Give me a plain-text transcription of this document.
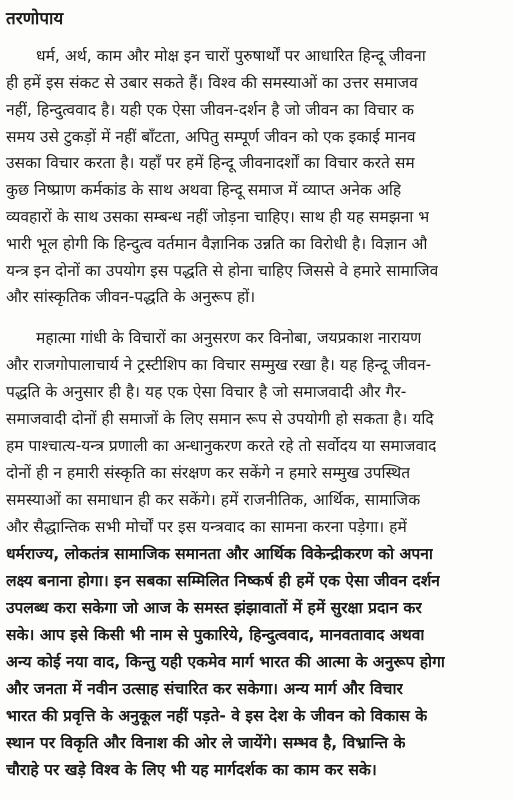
तरणोपाय
धर्म, अर्थ, काम और मोक्ष इन चारों पुरुषार्थों पर आधारित हिन्दू जीवना
ही हमें इस संकट से उबार सकते हैं। विश्व की समस्याओं का उत्तर समाजव
नहीं, हिन्दुत्ववाद है। यही एक ऐसा जीवन-दर्शन है जो जीवन का विचार क
समय उसे टुकड़ों में नहीं बाँटता, अपितु सम्पूर्ण जीवन को एक इकाई मानव
उसका विचार करता है। यहाँ पर हमें हिन्दू जीवनादर्शों का विचार करते सम
कुछ निष्प्राण कर्मकांड के साथ अथवा हिन्दू समाज में व्याप्त अनेक अहि
व्यवहारों के साथ उसका सम्बन्ध नहीं जोड़ना चाहिए। साथ ही यह समझना भ
भारी भूल होगी कि हिन्दुत्व वर्तमान वैज्ञानिक उन्नति का विरोधी है। विज्ञान औ
यन्त्र इन दोनों का उपयोग इस पद्धति से होना चाहिए जिससे वे हमारे सामाजिव
और सांस्कृतिक जीवन-पद्धति के अनुरूप हों।
महात्मा गांधी के विचारों का अनुसरण कर विनोबा, जयप्रकाश नारायण
और राजगोपालाचार्य ने ट्रस्टीशिप का विचार सम्मुख रखा है। यह हिन्दू जीवन-
पद्धति के अनुसार ही है। यह एक ऐसा विचार है जो समाजवादी और गैर-
समाजवादी दोनों ही समाजों के लिए समान रूप से उपयोगी हो सकता है। यदि
हम पाश्चात्य-यन्त्र प्रणाली का अन्धानुकरण करते रहे तो सर्वोदय या समाजवाद
दोनों ही न हमारी संस्कृति का संरक्षण कर सकेंगे न हमारे सम्मुख उपस्थित
समस्याओं का समाधान ही कर सकेंगे। हमें राजनीतिक, आर्थिक, सामाजिक
और सैद्धान्तिक सभी मोर्चों पर इस यन्त्रवाद का सामना करना पड़ेगा। हमें
धर्मराज्य, लोकतंत्र सामाजिक समानता और आर्थिक विकेन्द्रीकरण को अपना
लक्ष्य बनाना होगा। इन सबका सम्मिलित निष्कर्ष ही हमें एक ऐसा जीवन दर्शन
उपलब्ध करा सकेगा जो आज के समस्त झंझावातों में हमें सुरक्षा प्रदान कर
सके। आप इसे किसी भी नाम से पुकारिये, हिन्दुत्ववाद, मानवतावाद अथवा
अन्य कोई नया वाद, किन्तु यही एकमेव मार्ग भारत की आत्मा के अनुरूप होगा
और जनता में नवीन उत्साह संचारित कर सकेगा। अन्य मार्ग और विचार
भारत की प्रवृत्ति के अनुकूल नहीं पड़ते- वे इस देश के जीवन को विकास के
स्थान पर विकृति और विनाश की ओर ले जायेंगे। सम्भव है, विभ्रान्ति के
चौराहे पर खड़े विश्व के लिए भी यह मार्गदर्शक का काम कर सके।
